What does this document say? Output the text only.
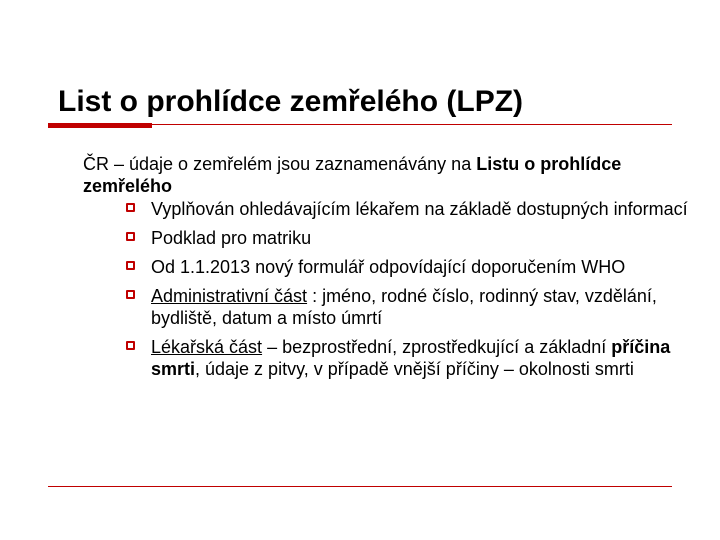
List o prohlídce zemřelého (LPZ)

ČR – údaje o zemřelém jsou zaznamenávány na Listu o prohlídce zemřelého

Vyplňován ohledávajícím lékařem na základě dostupných informací
Podklad pro matriku
Od 1.1.2013 nový formulář odpovídající doporučením WHO
Administrativní část : jméno, rodné číslo, rodinný stav, vzdělání, bydliště, datum a místo úmrtí
Lékařská část – bezprostřední, zprostředkující a základní příčina smrti, údaje z pitvy, v případě vnější příčiny – okolnosti smrti
